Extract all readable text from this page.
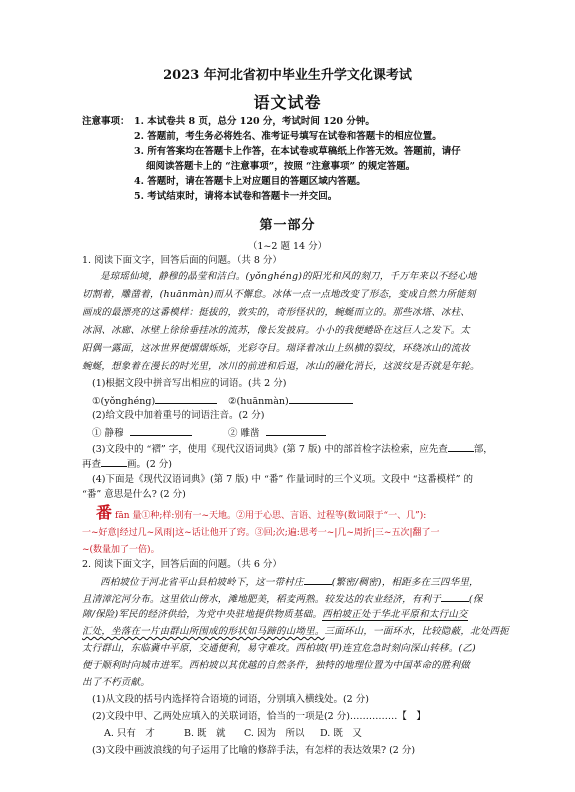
2023 年河北省初中毕业生升学文化课考试
语文试卷
注意事项： 1. 本试卷共 8 页，总分 120 分，考试时间 120 分钟。
2. 答题前，考生务必将姓名、准考证号填写在试卷和答题卡的相应位置。
3. 所有答案均在答题卡上作答，在本试卷或草稿纸上作答无效。答题前，请仔
细阅读答题卡上的 “注意事项”，按照 “注意事项” 的规定答题。
4. 答题时，请在答题卡上对应题目的答题区域内答题。
5. 考试结束时，请将本试卷和答题卡一并交回。
第一部分
（1~2 题 14 分）
1. 阅读下面文字，回答后面的问题。（共 8 分）
是琼瑶仙境，静穆的晶莹和洁白。(yǒnghéng)的阳光和风的刻刀，千万年来以不经心地
切割着，雕凿着，(huānmàn)而从不懈怠。冰体一点一点地改变了形态，变成自然力所能刻
画成的最漂亮的这番模样：挺拔的，敦实的，奇形怪状的，蜿蜒而立的。那些冰塔、冰柱、
冰洞、冰廊、冰壁上徐徐垂挂冰的流苏，像长发披肩。小小的我便蜷卧在这巨人之发下。太
阳偶一露面，这冰世界便熠熠烁烁，光彩夺目。瑞译着冰山上纵横的裂纹，环绕冰山的流妆
蜿蜒，想象着在漫长的时光里，冰川的前进和后退，冰山的融化消长，这波纹是否就是年轮。
(1)根据文段中拼音写出相应的词语。(共 2 分)
①(yǒnghéng)	②(huānmàn)
(2)给文段中加着重号的词语注音。(2 分)
① 静穆	② 雕凿
(3)文段中的 “褶” 字，使用《现代汉语词典》(第 7 版) 中的部首检字法检索，应先查	部，
再查	画。(2 分)
(4)下面是《现代汉语词典》(第 7 版) 中 “番” 作量词时的三个义项。文段中 “这番模样” 的
“番” 意思是什么? (2 分)
番 fān 量①种;样:别有一~天地。②用于心思、言语、过程等(数词限于“一、几”):
一~好意|经过几~风雨|这~话让他开了窍。③回;次;遍:思考一~|几~周折|三~五次|翻了一
~(数量加了一倍)。
2. 阅读下面文字，回答后面的问题。（共 6 分）
西柏坡位于河北省平山县柏坡岭下，这一带村庄	(繁密/稠密)，相距多在三四华里，
且清漳沱河分布。这里依山傍水，滩地肥美，稻麦两熟。较发达的农业经济，有利于	(保
障/保险)军民的经济供给，为党中央驻地提供物质基础。西柏坡正处于华北平原和太行山交
汇处，坐落在一片由群山所围成的形状如马蹄的山坳里。三面环山，一面环水，比较隐蔽，北处西扼
太行群山，东临冀中平原，交通便利，易守难攻。西柏坡(甲)连宜危急时刻向深山转移。(乙)
便于顺利时向城市进军。西柏坡以其优越的自然条件，独特的地理位置为中国革命的胜利做
出了不朽贡献。
(1)从文段的括号内选择符合语境的词语，分别填入横线处。(2 分)
(2)文段中甲、乙两处应填入的关联词语，恰当的一项是(2 分)……………【　】
A. 只有　才	B. 既　就 C. 因为　所以 D. 既　又
(3)文段中画波浪线的句子运用了比喻的修辞手法，有怎样的表达效果? (2 分)
